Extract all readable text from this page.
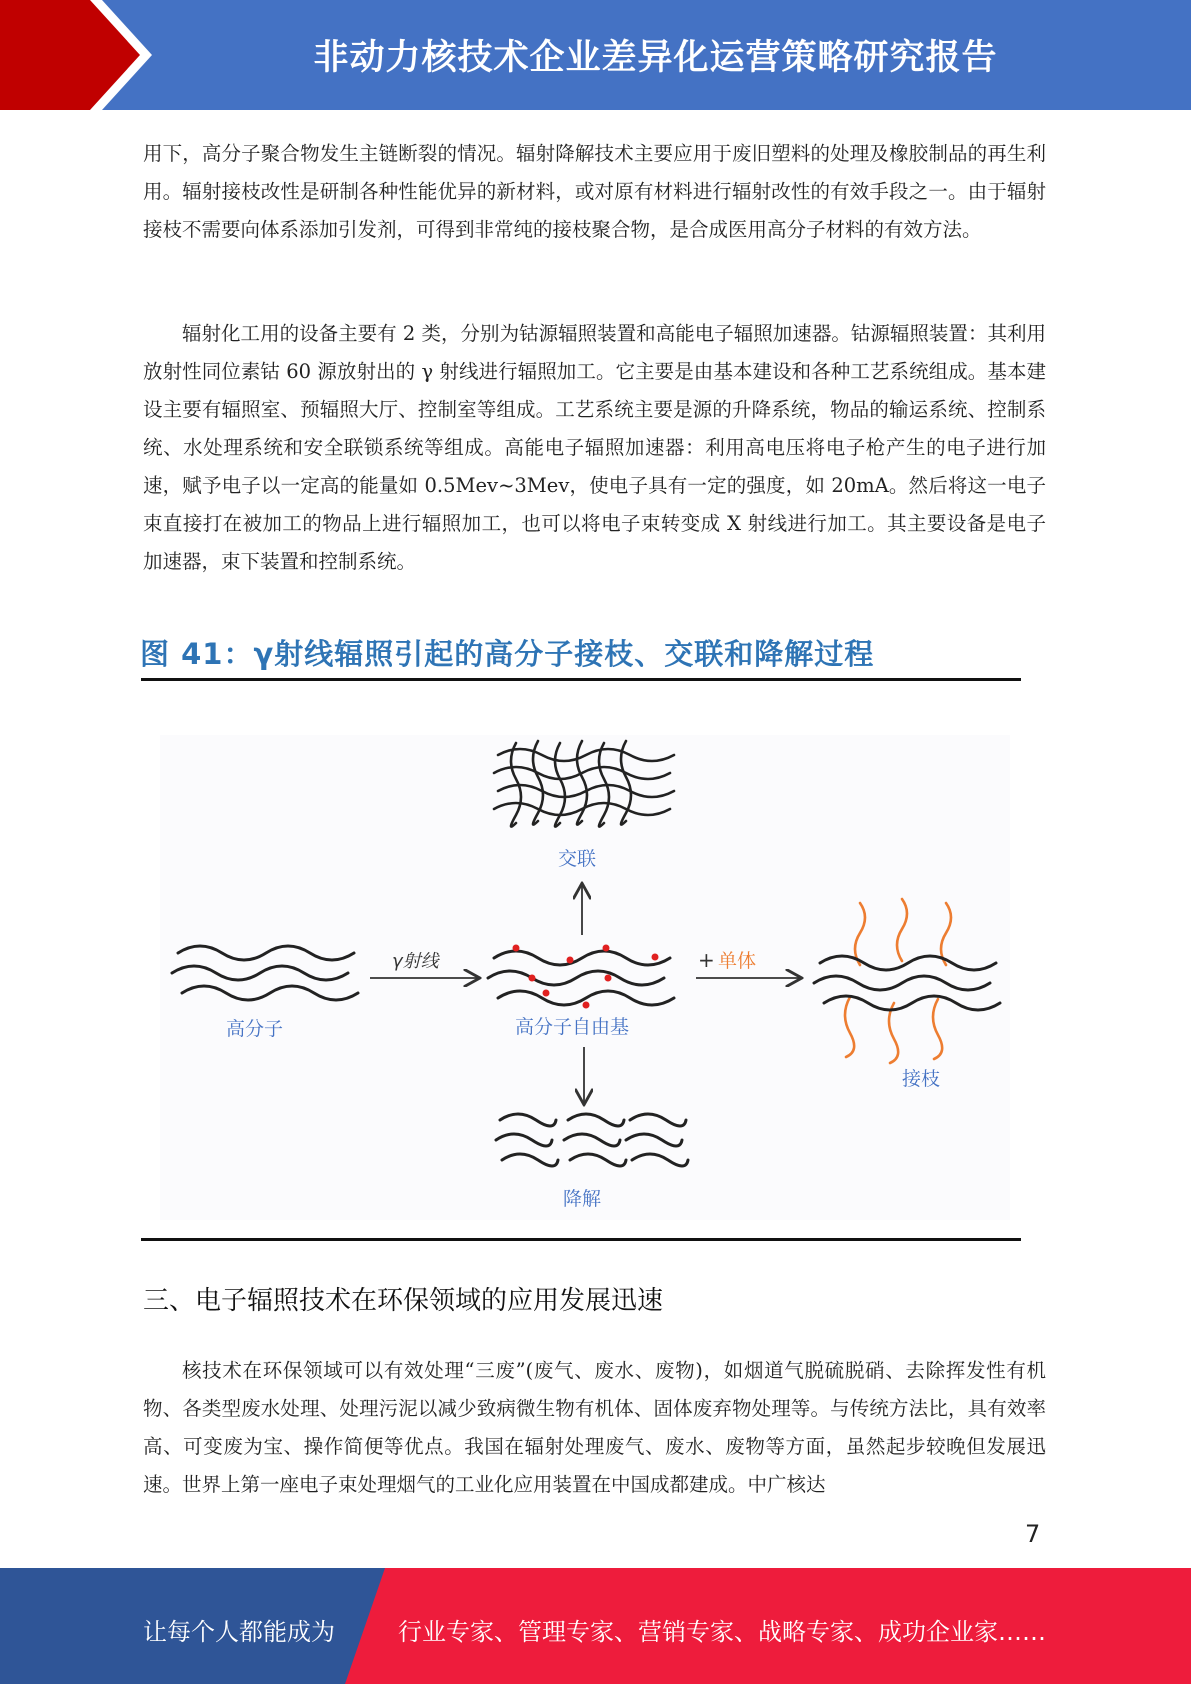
非动力核技术企业差异化运营策略研究报告

用下，高分子聚合物发生主链断裂的情况。辐射降解技术主要应用于废旧塑料的处理及橡胶制品的再生利用。辐射接枝改性是研制各种性能优异的新材料，或对原有材料进行辐射改性的有效手段之一。由于辐射接枝不需要向体系添加引发剂，可得到非常纯的接枝聚合物，是合成医用高分子材料的有效方法。

辐射化工用的设备主要有 2 类，分别为钴源辐照装置和高能电子辐照加速器。钴源辐照装置：其利用放射性同位素钴 60 源放射出的 γ 射线进行辐照加工。它主要是由基本建设和各种工艺系统组成。基本建设主要有辐照室、预辐照大厅、控制室等组成。工艺系统主要是源的升降系统，物品的输运系统、控制系统、水处理系统和安全联锁系统等组成。高能电子辐照加速器：利用高电压将电子枪产生的电子进行加速，赋予电子以一定高的能量如 0.5Mev~3Mev，使电子具有一定的强度，如 20mA。然后将这一电子束直接打在被加工的物品上进行辐照加工，也可以将电子束转变成 X 射线进行加工。其主要设备是电子加速器，束下装置和控制系统。

图 41：γ射线辐照引起的高分子接枝、交联和降解过程
高分子
γ射线
高分子自由基
交联
降解
+ 单体
接枝
三、电子辐照技术在环保领域的应用发展迅速

核技术在环保领域可以有效处理“三废”(废气、废水、废物)，如烟道气脱硫脱硝、去除挥发性有机物、各类型废水处理、处理污泥以减少致病微生物有机体、固体废弃物处理等。与传统方法比，具有效率高、可变废为宝、操作简便等优点。我国在辐射处理废气、废水、废物等方面，虽然起步较晚但发展迅速。世界上第一座电子束处理烟气的工业化应用装置在中国成都建成。中广核达

7
让每个人都能成为	行业专家、管理专家、营销专家、战略专家、成功企业家……
